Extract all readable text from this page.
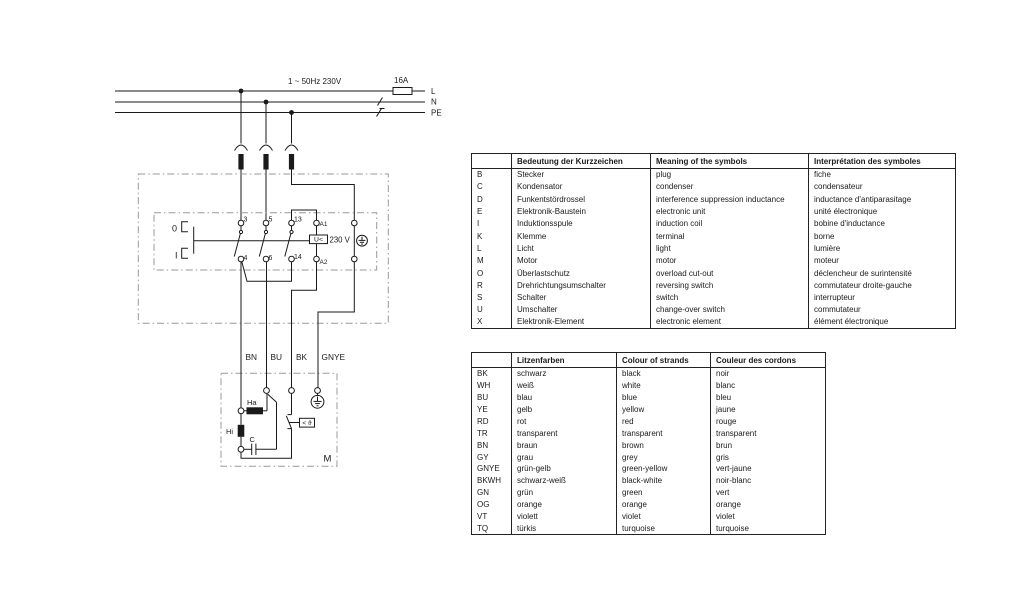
1 ~ 50Hz 230V	16A
L
N
PE
0
I
3	5	13
A1
4	6	14
A2
U< 230 V
BN BU BK GNYE
Ha
Hi
C
< ϑ
M
	Bedeutung der Kurzzeichen	Meaning of the symbols	Interprétation des symboles
B	Stecker	plug	fiche
C	Kondensator	condenser	condensateur
D	Funkentstördrossel	interference suppression inductance	inductance d'antiparasitage
E	Elektronik-Baustein	electronic unit	unité électronique
I	Induktionsspule	induction coil	bobine d'inductance
K	Klemme	terminal	borne
L	Licht	light	lumière
M	Motor	motor	moteur
O	Überlastschutz	overload cut-out	déclencheur de surintensité
R	Drehrichtungsumschalter	reversing switch	commutateur droite-gauche
S	Schalter	switch	interrupteur
U	Umschalter	change-over switch	commutateur
X	Elektronik-Element	electronic element	élément électronique
	Litzenfarben	Colour of strands	Couleur des cordons
BK	schwarz	black	noir
WH	weiß	white	blanc
BU	blau	blue	bleu
YE	gelb	yellow	jaune
RD	rot	red	rouge
TR	transparent	transparent	transparent
BN	braun	brown	brun
GY	grau	grey	gris
GNYE	grün-gelb	green-yellow	vert-jaune
BKWH	schwarz-weiß	black-white	noir-blanc
GN	grün	green	vert
OG	orange	orange	orange
VT	violett	violet	violet
TQ	türkis	turquoise	turquoise
